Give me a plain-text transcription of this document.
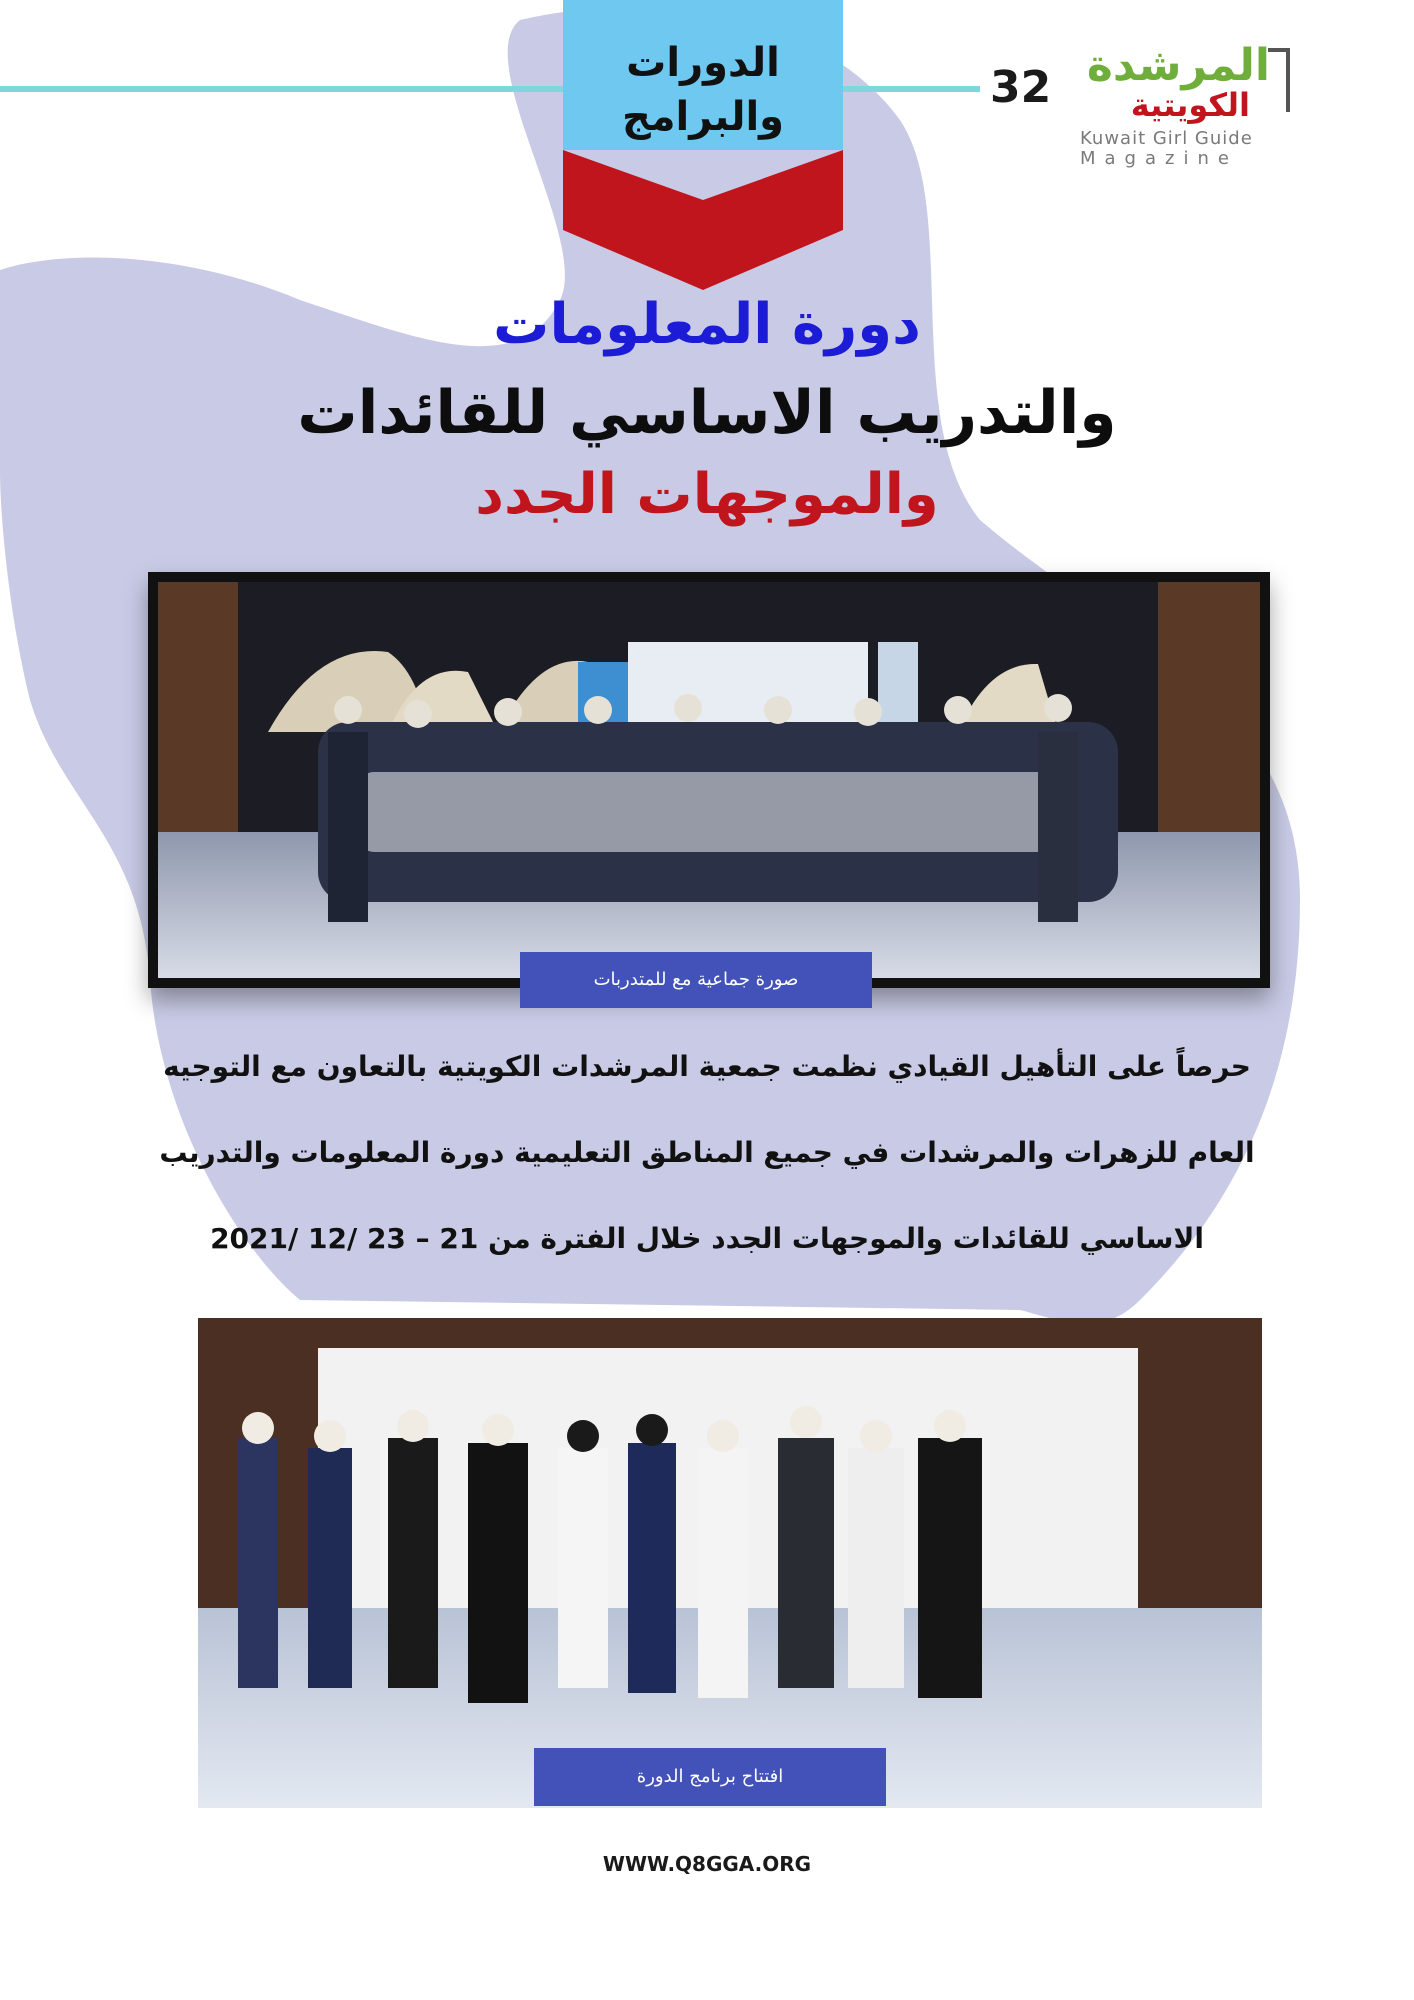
الدورات والبرامج
32 المرشدة
الكويتية
Kuwait Girl Guide
Magazine
دورة المعلومات
والتدريب الاساسي للقائدات
والموجهات الجدد
صورة جماعية مع للمتدربات
حرصاً على التأهيل القيادي نظمت جمعية المرشدات الكويتية بالتعاون مع التوجيه
العام للزهرات والمرشدات في جميع المناطق التعليمية دورة المعلومات والتدريب
الاساسي للقائدات والموجهات الجدد خلال الفترة من 21 – 23 /12 /2021
افتتاح برنامج الدورة
WWW.Q8GGA.ORG
